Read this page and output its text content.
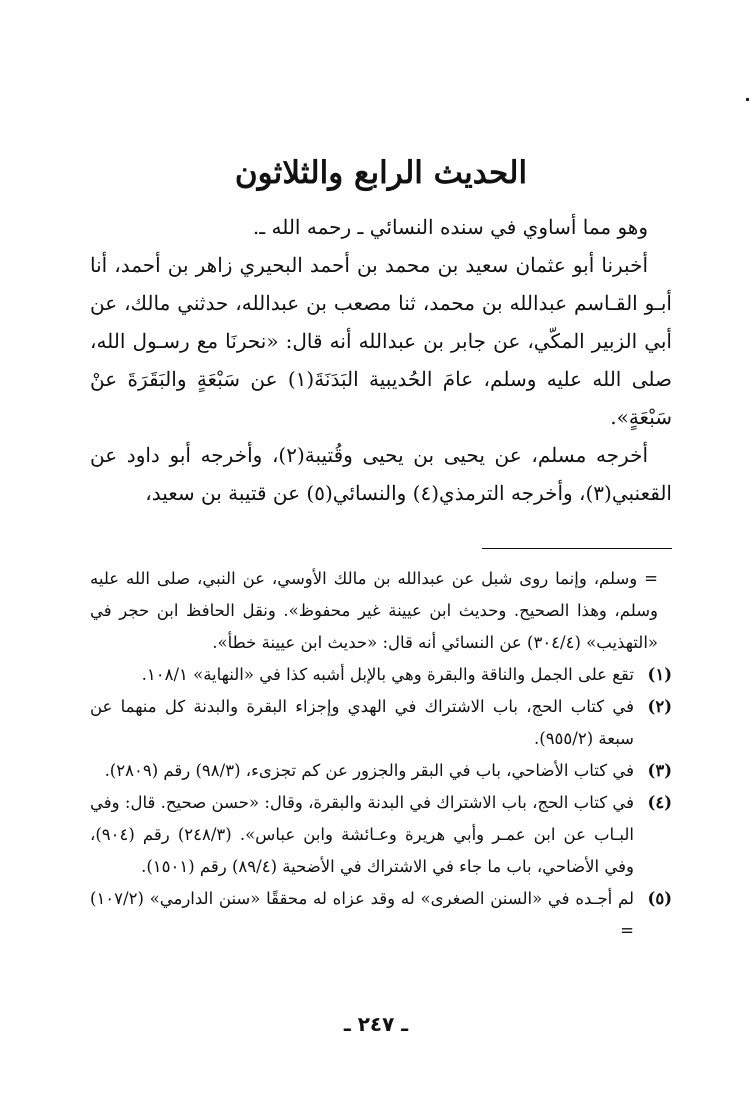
الحديث الرابع والثلاثون

وهو مما أساوي في سنده النسائي ـ رحمه الله ـ.

أخبرنا أبو عثمان سعيد بن محمد بن أحمد البحيري زاهر بن أحمد، أنا أبـو القـاسم عبدالله بن محمد، ثنا مصعب بن عبدالله، حدثني مالك، عن أبي الزبير المكّي، عن جابر بن عبدالله أنه قال: «نحرنَا مع رسـول الله، صلى الله عليه وسلم، عامَ الحُديبية البَدَنَةَ(١) عن سَبْعَةٍ والبَقَرَةَ عنْ سَبْعَةٍ».

أخرجه مسلم، عن يحيى بن يحيى وقُتيبة(٢)، وأخرجه أبو داود عن القعنبي(٣)، وأخرجه الترمذي(٤) والنسائي(٥) عن قتيبة بن سعيد،

= وسلم، وإنما روى شبل عن عبدالله بن مالك الأوسي، عن النبي، صلى الله عليه وسلم، وهذا الصحيح. وحديث ابن عيينة غير محفوظ». ونقل الحافظ ابن حجر في «التهذيب» (٣٠٤/٤) عن النسائي أنه قال: «حديث ابن عيينة خطأ».

(١)
تقع على الجمل والناقة والبقرة وهي بالإبل أشبه كذا في «النهاية» ١٠٨/١.

(٢)
في كتاب الحج، باب الاشتراك في الهدي وإجزاء البقرة والبدنة كل منهما عن سبعة (٩٥٥/٢).

(٣)
في كتاب الأضاحي، باب في البقر والجزور عن كم تجزىء، (٩٨/٣) رقم (٢٨٠٩).

(٤)
في كتاب الحج، باب الاشتراك في البدنة والبقرة، وقال: «حسن صحيح. قال: وفي البـاب عن ابن عمـر وأبي هريرة وعـائشة وابن عباس». (٢٤٨/٣) رقم (٩٠٤)، وفي الأضاحي، باب ما جاء في الاشتراك في الأضحية (٨٩/٤) رقم (١٥٠١).

(٥)
لم أجـده في «السنن الصغرى» له وقد عزاه له محققًا «سنن الدارمي» (١٠٧/٢) =

ـ ٢٤٧ ـ
